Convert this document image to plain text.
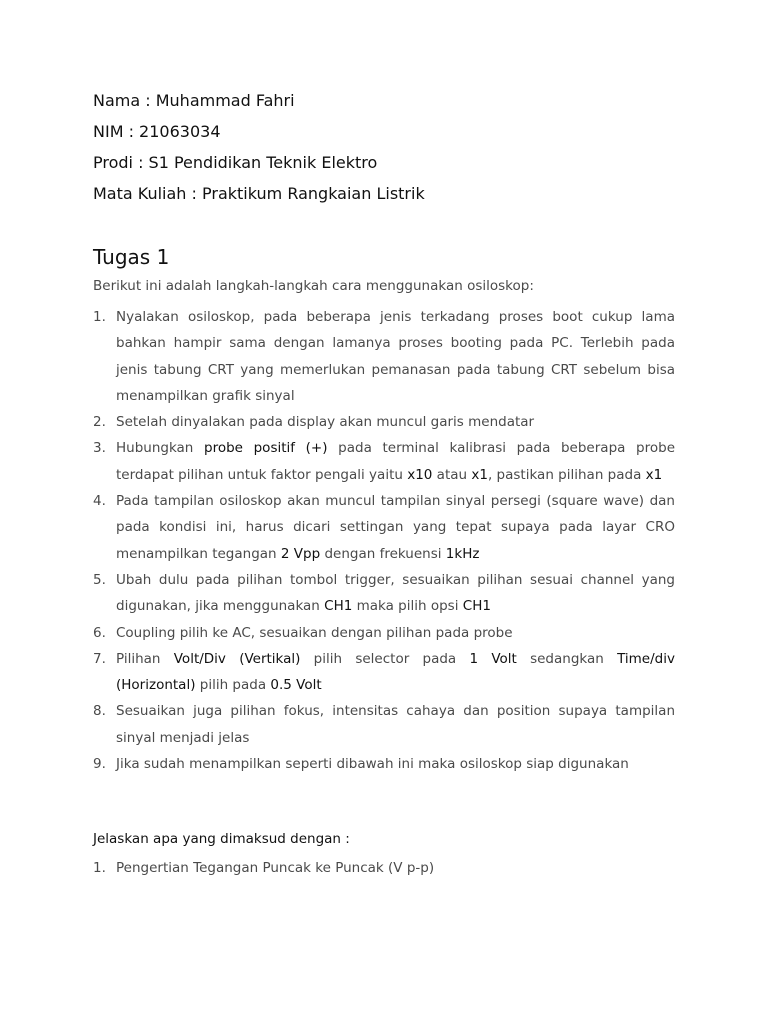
Nama : Muhammad Fahri
NIM : 21063034
Prodi : S1 Pendidikan Teknik Elektro
Mata Kuliah : Praktikum Rangkaian Listrik
Tugas 1
Berikut ini adalah langkah-langkah cara menggunakan osiloskop:
1. Nyalakan osiloskop, pada beberapa jenis terkadang proses boot cukup lama bahkan hampir sama dengan lamanya proses booting pada PC. Terlebih pada jenis tabung CRT yang memerlukan pemanasan pada tabung CRT sebelum bisa menampilkan grafik sinyal
2. Setelah dinyalakan pada display akan muncul garis mendatar
3. Hubungkan probe positif (+) pada terminal kalibrasi pada beberapa probe terdapat pilihan untuk faktor pengali yaitu x10 atau x1, pastikan pilihan pada x1
4. Pada tampilan osiloskop akan muncul tampilan sinyal persegi (square wave) dan pada kondisi ini, harus dicari settingan yang tepat supaya pada layar CRO menampilkan tegangan 2 Vpp dengan frekuensi 1kHz
5. Ubah dulu pada pilihan tombol trigger, sesuaikan pilihan sesuai channel yang digunakan, jika menggunakan CH1 maka pilih opsi CH1
6. Coupling pilih ke AC, sesuaikan dengan pilihan pada probe
7. Pilihan Volt/Div (Vertikal) pilih selector pada 1 Volt sedangkan Time/div (Horizontal) pilih pada 0.5 Volt
8. Sesuaikan juga pilihan fokus, intensitas cahaya dan position supaya tampilan sinyal menjadi jelas
9. Jika sudah menampilkan seperti dibawah ini maka osiloskop siap digunakan
Jelaskan apa yang dimaksud dengan :
1. Pengertian Tegangan Puncak ke Puncak (V p-p)
